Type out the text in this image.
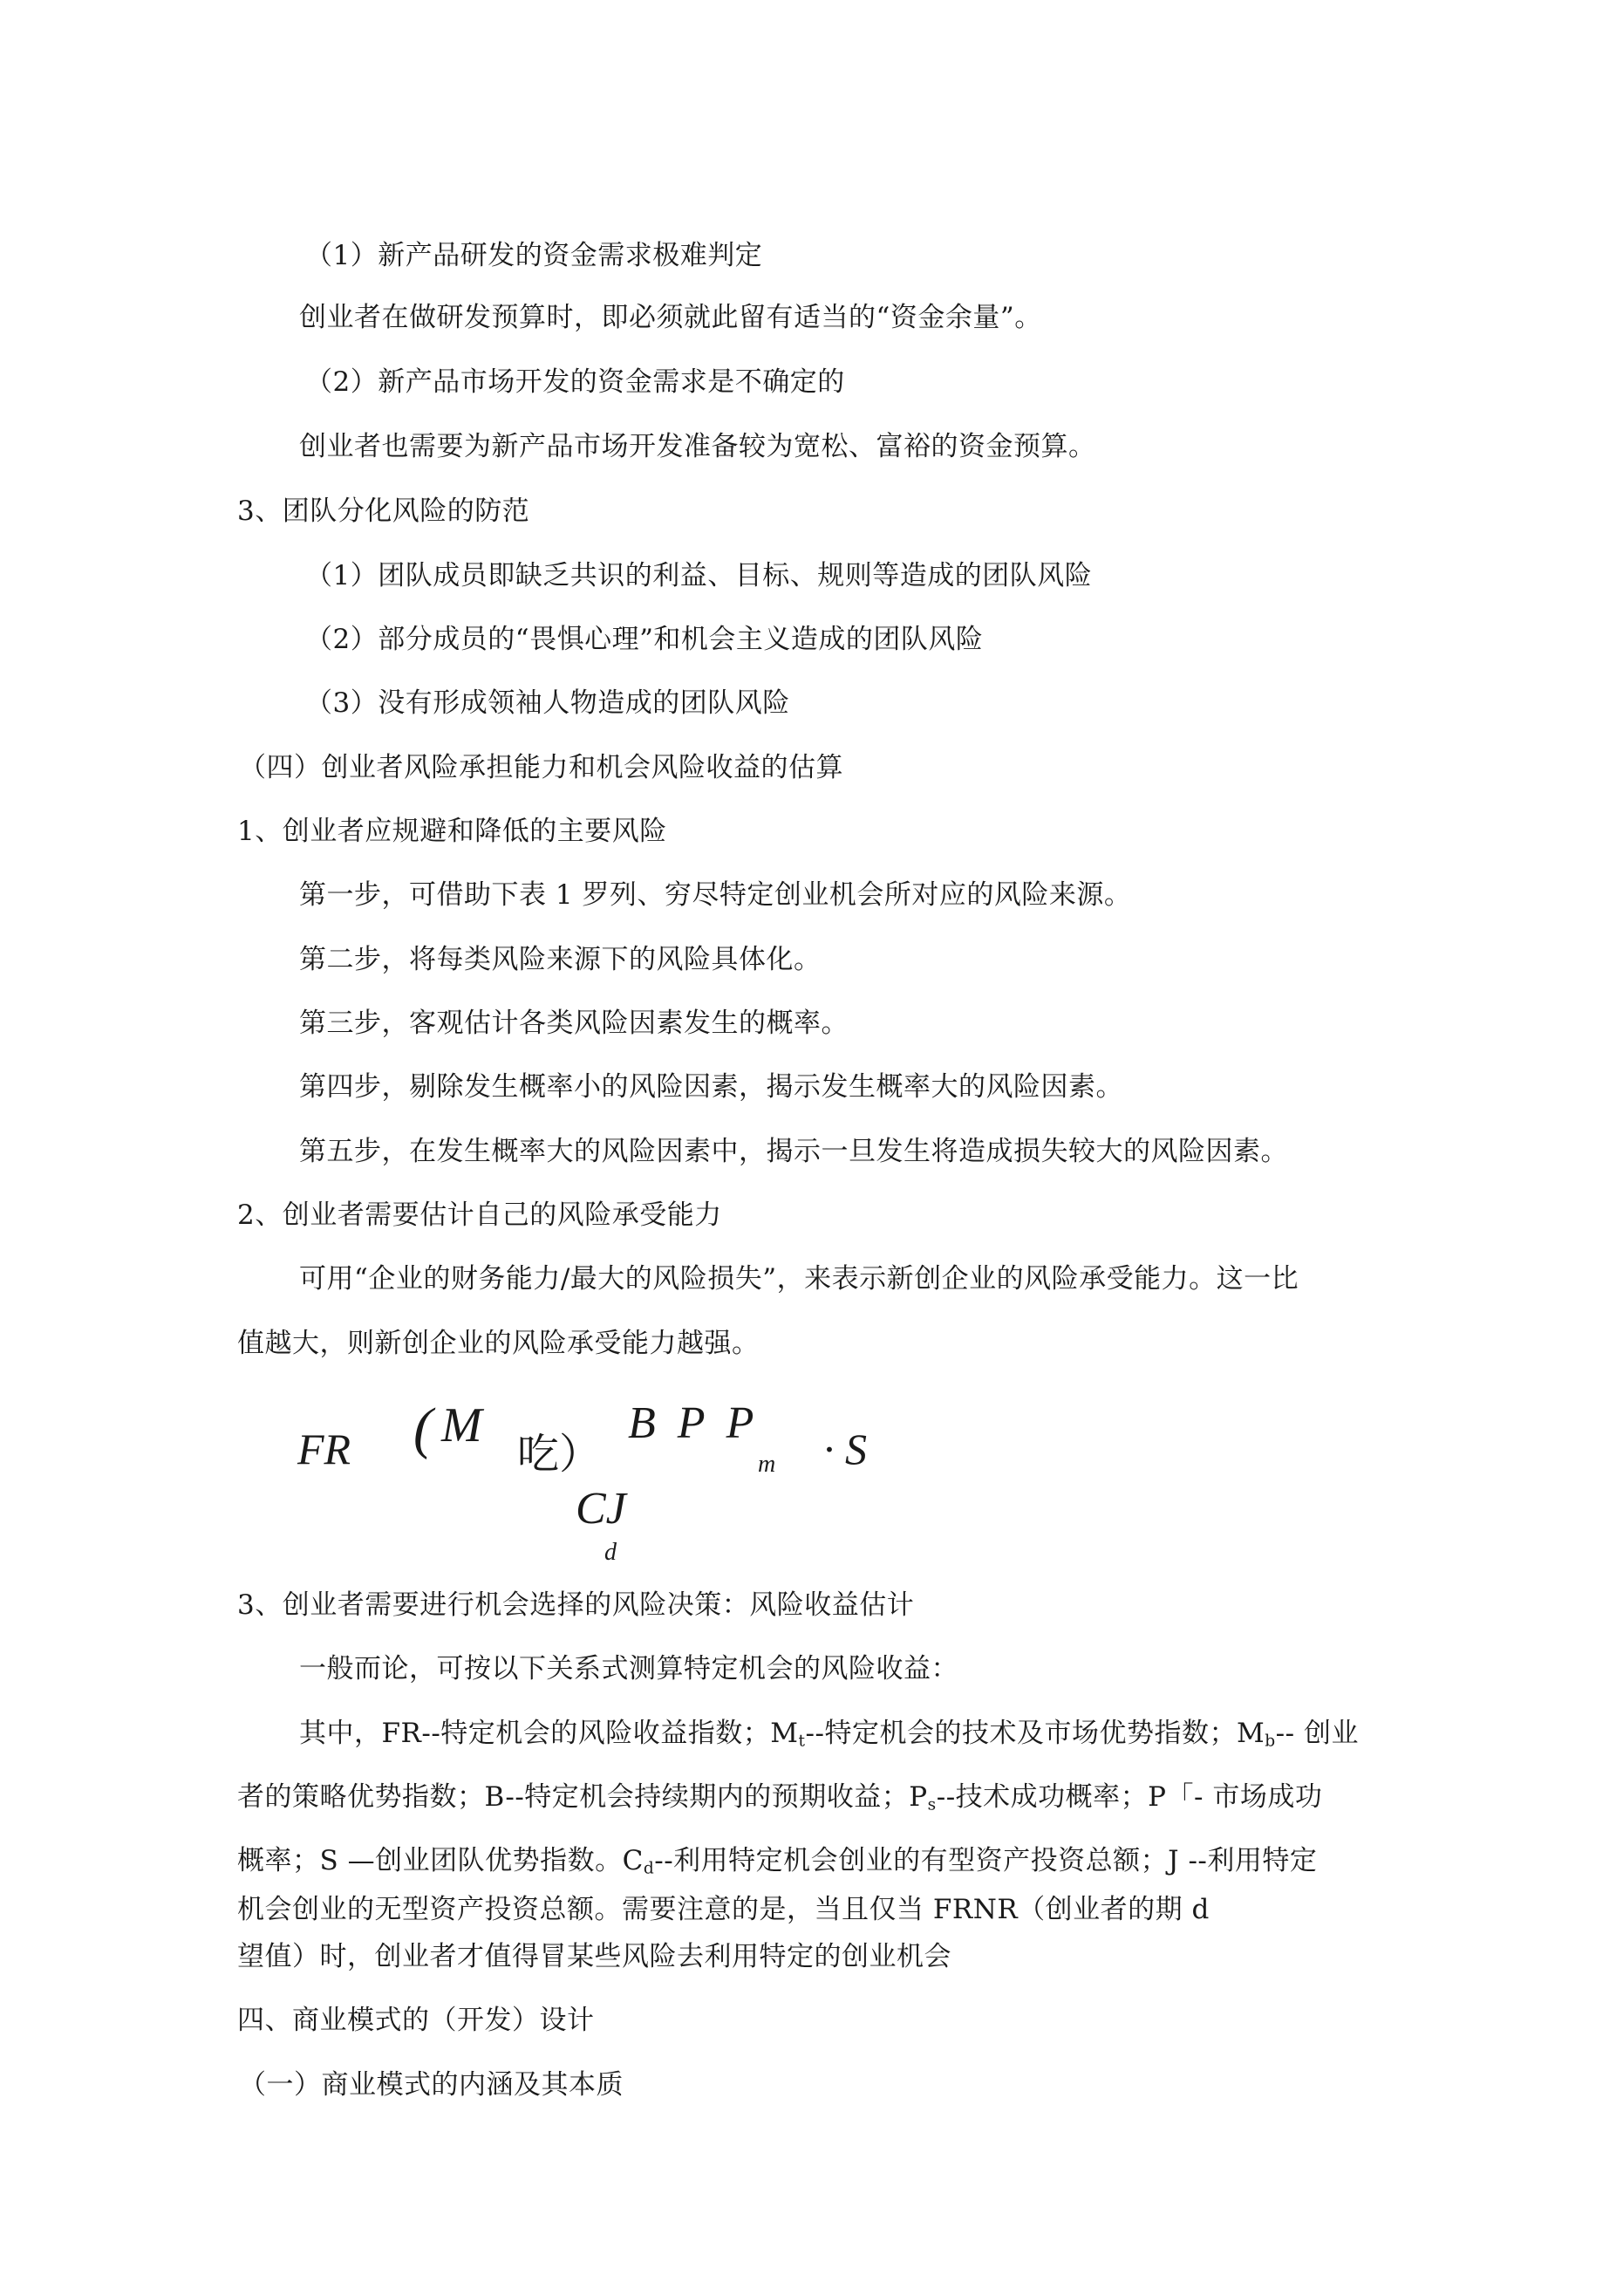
（1）新产品研发的资金需求极难判定
创业者在做研发预算时，即必须就此留有适当的“资金余量”。
（2）新产品市场开发的资金需求是不确定的
创业者也需要为新产品市场开发准备较为宽松、富裕的资金预算。
3、团队分化风险的防范
（1）团队成员即缺乏共识的利益、目标、规则等造成的团队风险
（2）部分成员的“畏惧心理”和机会主义造成的团队风险
（3）没有形成领袖人物造成的团队风险
（四）创业者风险承担能力和机会风险收益的估算
1、创业者应规避和降低的主要风险
第一步，可借助下表 1 罗列、穷尽特定创业机会所对应的风险来源。
第二步，将每类风险来源下的风险具体化。
第三步，客观估计各类风险因素发生的概率。
第四步，剔除发生概率小的风险因素，揭示发生概率大的风险因素。
第五步，在发生概率大的风险因素中，揭示一旦发生将造成损失较大的风险因素。
2、创业者需要估计自己的风险承受能力
可用“企业的财务能力/最大的风险损失”，来表示新创企业的风险承受能力。这一比
值越大，则新创企业的风险承受能力越强。
FR ( M
吃）
B P P
m · S
CJ
d
3、创业者需要进行机会选择的风险决策：风险收益估计
一般而论，可按以下关系式测算特定机会的风险收益：
其中，FR--特定机会的风险收益指数；$M_t--$特定机会的技术及市场优势指数；$M_b--$ 创业
者的策略优势指数；B--特定机会持续期内的预期收益；$P_s--$技术成功概率；P「- 市场成功
概率；S —创业团队优势指数。$C_d--$利用特定机会创业的有型资产投资总额；J --利用特定
机会创业的无型资产投资总额。需要注意的是，当且仅当 FRNR（创业者的期 d
望值）时，创业者才值得冒某些风险去利用特定的创业机会
四、商业模式的（开发）设计
（一）商业模式的内涵及其本质
